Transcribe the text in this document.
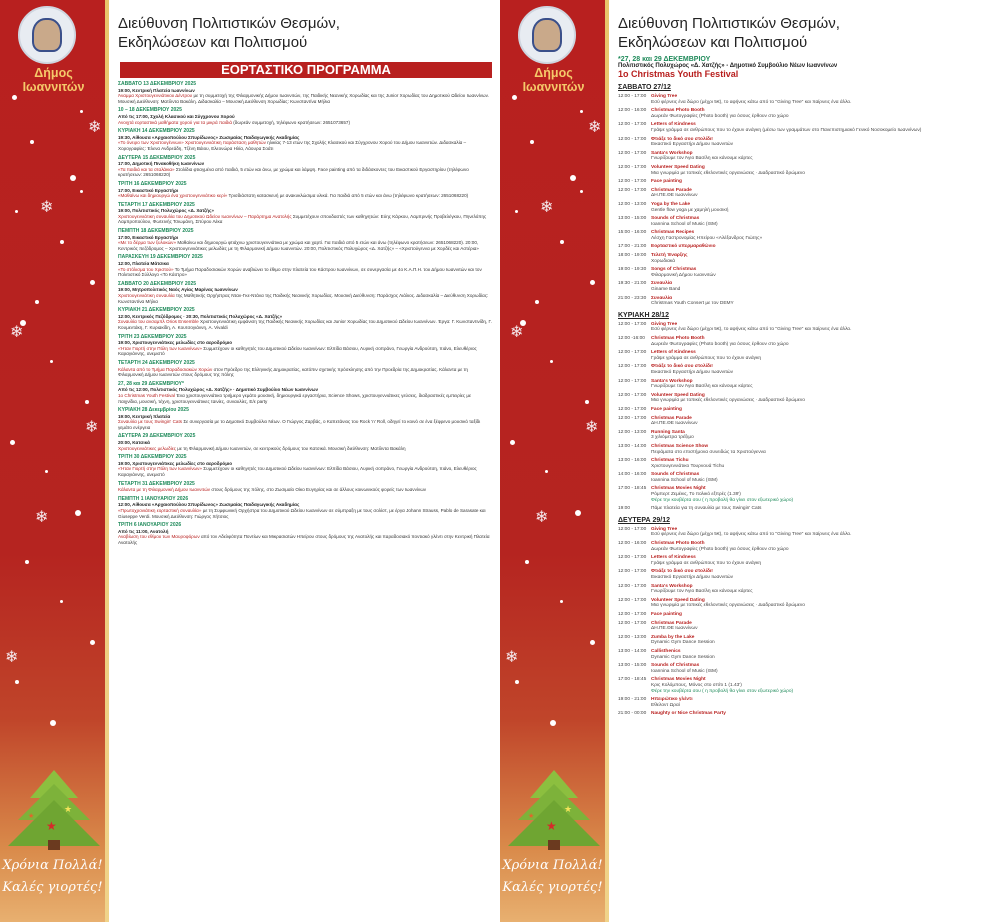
Δήμος Ιωαννιτών
★
★
★
Χρόνια Πολλά!
Καλές γιορτές!
Διεύθυνση Πολιτιστικών Θεσμών,
Εκδηλώσεων και Πολιτισμού
ΕΟΡΤΑΣΤΙΚΟ ΠΡΟΓΡΑΜΜΑ
ΣΑΒΒΑΤΟ 13 ΔΕΚΕΜΒΡΙΟΥ 2025
19:00, Κεντρική Πλατεία Ιωαννίνων
Άναμμα Χριστουγεννιάτικου Δέντρου με τη συμμετοχή της Φιλαρμονικής Δήμου Ιωαννιτών, της Παιδικής Νεανικής Χορωδίας και της Junior Χορωδίας του Δημοτικού Ωδείου Ιωαννίνων. Μουσική Διεύθυνση: Ματίλντα Βακάλη. Διδασκαλία – Μουσική Διεύθυνση Χορωδίας: Κωνσταντίνα Μήλια
10 – 18 ΔΕΚΕΜΒΡΙΟΥ 2025
Από τις 17:00, Σχολή Κλασικού και Σύγχρονου Χορού
Ανοιχτά εορταστικά μαθήματα χορού για τα μικρά παιδιά (δωρεάν συμμετοχή, τηλέφωνο κρατήσεων: 2651073657)
ΚΥΡΙΑΚΗ 14 ΔΕΚΕΜΒΡΙΟΥ 2025
19:30, Αίθουσα «Αρχαιοπούλου Σπυρίδωνος» Ζωσιμαίας Παιδαγωγικής Ακαδημίας
«Το όνειρο των Χριστουγέννων» Χριστουγεννιάτικη παράσταση μαθητών ηλικίας 7-13 ετών της Σχολής Κλασικού και Σύγχρονου Χορού του Δήμου Ιωαννιτών. Διδασκαλία – Χορογραφίες: Έλενα Ανδρεάδη, Τζένη Βάιου, Ελεονώρα Ηλία, Λάουρα Σοάτι
ΔΕΥΤΕΡΑ 15 ΔΕΚΕΜΒΡΙΟΥ 2025
17:00, Δημοτική Πινακοθήκη Ιωαννίνων
«Τα παιδιά και τα σταλάκια» Στολίδια φτιαγμένα από παιδιά, 5 ετών και άνω, με χρώμα και λάμψη. Face painting από τα διδάσκοντες του Εικαστικού Εργαστηρίου (τηλέφωνο κρατήσεων: 2651068220)
ΤΡΙΤΗ 16 ΔΕΚΕΜΒΡΙΟΥ 2025
17:00, Εικαστικό Εργαστήρι
«Μαθαίνω και δημιουργώ ένα χριστουγεννιάτικο κερί» Τρισδιάστατη κατασκευή με ανακυκλώσιμα υλικά. Για παιδιά από 5 ετών και άνω (τηλέφωνο κρατήσεων: 2651068220)
ΤΕΤΑΡΤΗ 17 ΔΕΚΕΜΒΡΙΟΥ 2025
19:00, Πολιτιστικός Πολυχώρος «Δ. Χατζής»
Χριστουγεννιάτικη συναυλία του Δημοτικού Ωδείου Ιωαννίνων – Παράρτημα Ανατολής Συμμετέχουν σπουδαστές των καθηγητών: Εύης Κάρκου, Λαμπρινής Προβελέγκου, Πηνελόπης Λαμπροπούλου, Φωτεινής Τσιωμάνη, Σπύρου Λέκα
ΠΕΜΠΤΗ 18 ΔΕΚΕΜΒΡΙΟΥ 2025
17:00, Εικαστικό Εργαστήρι
«Με το δέρμα των ξυλοκών» Μαθαίνω και δημιουργώ φτιάχνω χριστουγεννιάτικα με χρώμα και χαρτί. Για παιδιά από 5 ετών και άνω (τηλέφωνο κρατήσεων: 2651068220). 20:00, Κεντρικός πεζόδρομος – Χριστουγεννιάτικες μελωδίες με τη Φιλαρμονική Δήμου Ιωαννιτών. 20:00, Πολιτιστικός Πολυχώρος «Δ. Χατζής» – «Χριστούγεννα με Χορδές και Αστέρια»
ΠΑΡΑΣΚΕΥΗ 19 ΔΕΚΕΜΒΡΙΟΥ 2025
12:00, Πλατεία Μάτσικα
«Το στόλισμα του Χριστού» Το Τμήμα Παραδοσιακών Χορών αναβιώνει το έθιμο στην πλατεία του Κάστρου Ιωαννίνων, σε συνεργασία με 4ο Κ.Α.Π.Η. του Δήμου Ιωαννιτών και τον Πολιτιστικό Σύλλογο «Το Κάστρο»
ΣΑΒΒΑΤΟ 20 ΔΕΚΕΜΒΡΙΟΥ 2025
19:00, Μητροπολιτικός Ναός Αγίας Μαρίνας Ιωαννίνων
Χριστουγεννιάτικη συναυλία της Μαθητικής Ορχήστρας Νταν-Γκε-Ντάνα της Παιδικής Νεανικής Χορωδίας. Μουσική Διεύθυνση: Παράσχος Λιάλιος. Διδασκαλία – Διεύθυνση Χορωδίας: Κωνσταντίνα Μήλια
ΚΥΡΙΑΚΗ 21 ΔΕΚΕΜΒΡΙΟΥ 2025
12:00, Κεντρικός Πεζόδρομος · 20:30, Πολιτιστικός Πολυχώρος «Δ. Χατζής»
Συναυλία του ανσαμπλ Orios Ensemble Χριστουγεννιάτικη εμφάνιση της Παιδικής Νεανικής Χορωδίας και Junior Χορωδίας του Δημοτικού Ωδείου Ιωαννίνων. Έργα: Γ. Κωνσταντινίδη, Γ. Κουμεντάκη, Γ. Κυριακίδη, Α. Κουτσογιάννη, A. Vivaldi
ΤΡΙΤΗ 23 ΔΕΚΕΜΒΡΙΟΥ 2025
19:00, Χριστουγεννιάτικες μελωδίες στο αεροδρόμιο
«Ήταν Γιορτή στην Πόλη των Ιωαννίνων» Συμμετέχουν οι καθηγητές του Δημοτικού Ωδείου Ιωαννίνων: Ελπίδα Βάσιου, Λυρική σοπράνο, Γεωργία Ανδρούτση, πιάνο, Ελευθέριος Καραγιάννης, ανεμιστό
ΤΕΤΑΡΤΗ 24 ΔΕΚΕΜΒΡΙΟΥ 2025
Κάλαντα από το Τμήμα Παραδοσιακών Χορών στον Πρόεδρο της Ελληνικής Δημοκρατίας, κατόπιν σχετικής πρόσκλησης από την Προεδρία της Δημοκρατίας. Κάλαντα με τη Φιλαρμονική Δήμου Ιωαννιτών στους δρόμους της πόλης
27, 28 και 29 ΔΕΚΕΜΒΡΙΟΥ*
Από τις 12:00, Πολιτιστικός Πολυχώρος «Δ. Χατζής» · Δημοτικό Συμβούλιο Νέων Ιωαννίνων
1o Christmas Youth Festival Ένα χριστουγεννιάτικο τριήμερο γεμάτο μουσική, δημιουργικά εργαστήρια, Science Shows, χριστουγεννιάτικες γεύσεις, διαδραστικές εμπειρίες με παιχνίδια, μουσική, τέχνη, χριστουγεννιάτικες ταινίες, συναυλίες, Ε/ε party
ΚΥΡΙΑΚΗ 28 Δεκεμβρίου 2025
19:00, Κεντρική πλατεία
Συναυλία με τους Swingin' Cats Σε συνεργασία με το Δημοτικό Συμβούλιο Νέων. Ο Γιώργος Ζαρβάς, ο Καπετάνιος του Rock 'n' Roll, οδηγεί το κοινό σε ένα ξέφρενο μουσικό ταξίδι γεμάτο ενέργεια
ΔΕΥΤΕΡΑ 29 ΔΕΚΕΜΒΡΙΟΥ 2025
20:00, Κατσικά
Χριστουγεννιάτικες μελωδίες με τη Φιλαρμονική Δήμου Ιωαννιτών, σε κεντρικούς δρόμους του Κατσικά. Μουσική διεύθυνση: Ματίλντα Βακάλη
ΤΡΙΤΗ 30 ΔΕΚΕΜΒΡΙΟΥ 2025
19:00, Χριστουγεννιάτικες μελωδίες στο αεροδρόμιο
«Ήταν Γιορτή στην Πόλη των Ιωαννίνων» Συμμετέχουν οι καθηγητές του Δημοτικού Ωδείου Ιωαννίνων: Ελπίδα Βάσιου, Λυρική σοπράνο, Γεωργία Ανδρούτση, πιάνο, Ελευθέριος Καραγιάννης, ανεμιστό
ΤΕΤΑΡΤΗ 31 ΔΕΚΕΜΒΡΙΟΥ 2025
Κάλαντα με τη Φιλαρμονική Δήμου Ιωαννιτών στους δρόμους της πόλης, στο Ζωσιμαίο Οίκο Ευγηρίας και σε άλλους κοινωνικούς φορείς των Ιωαννίνων
ΠΕΜΠΤΗ 1 ΙΑΝΟΥΑΡΙΟΥ 2026
12:00, Αίθουσα «Αρχαιοπούλου Σπυρίδωνος» Ζωσιμαίας Παιδαγωγικής Ακαδημίας
«Πρωτοχρονιάτικη εορταστική συναυλία» με τη Συμφωνική Ορχήστρα του Δημοτικού Ωδείου Ιωαννίνων σε σύμπραξη με τους σολίστ, με έργα Johann Strauss, Pablo de Sarasate και Giuseppe Verdi. Μουσική Διεύθυνση: Γιώργος Χήτσιος
ΤΡΙΤΗ 6 ΙΑΝΟΥΑΡΙΟΥ 2026
Από τις 11:00, Ανατολή
Αναβίωση του εθίμου των Μαυροφόρων από τον Αδελφότητα Ποντίων και Μικρασιατών Ηπείρου στους δρόμους της Ανατολής και παραδοσιακό ποντιακό γλέντι στην Κεντρική Πλατεία Ανατολής
❄
❄
❄
❄
❄
❄
Δήμος Ιωαννιτών
★
★
★
Χρόνια Πολλά!
Καλές γιορτές!
Διεύθυνση Πολιτιστικών Θεσμών,
Εκδηλώσεων και Πολιτισμού
*27, 28 και 29 ΔΕΚΕΜΒΡΙΟΥ
Πολιτιστικός Πολυχώρος «Δ. Χατζής» - Δημοτικό Συμβούλιο Νέων Ιωαννίνων
1o Christmas Youth Festival
ΣΑΒΒΑΤΟ 27/12
12:00 - 17:00 Giving Tree
Εσύ φέρνεις ένα δώρο (μέχρι 5€), το αφήνεις κάτω από το "Giving Tree" και παίρνεις ένα άλλο.
12:00 - 16:00 Christmas Photo Booth
Δωρεάν Φωτογραφίες (Photo booth) για όσους έρθουν στο χώρο
12:00 - 17:00 Letters of Kindness
Γράψε γράμμα σε ανθρώπους που το έχουν ανάγκη (μέσω των γραμμάτων στο Πανεπιστημιακό Γενικό Νοσοκομείο Ιωαννίνων)
12:00 - 17:00 Φτιάξε το δικό σου στολίδι!
Εικαστικό Εργαστήρι Δήμου Ιωαννιτών
12:00 - 17:00 Santa's Workshop
Γνωρίζουμε τον Άγιο Βασίλη και κάνουμε κάρτες
12:00 - 17:00 Volunteer Speed Dating
Μια γνωριμία με τοπικές εθελοντικές οργανώσεις · Διαδραστικό δρώμενο
12:00 - 17:00 Face painting
12:00 - 17:00 Christmas Parade
ΔΗ.ΠΕ.ΘΕ Ιωαννίνων
12:00 - 13:00 Yoga by the Lake
Gentle flow yoga με χαμηλή μουσική
13:00 - 15:00 Sounds of Christmas
Ioannina School of Music (ISM)
15:00 - 16:00 Christmas Recipes
Λέσχη Γαστρονομίας Ηπείρου «Αλέξανδρος Γιώτης»
17:00 - 21:00 Εορταστικό υπερμαραθώνιο
18:00 - 19:00 Τελετή Έναρξης
Χορωδιακά
19:00 - 19:30 Songs of Christmas
Φιλαρμονική Δήμου Ιωαννιτών
19:30 - 21:00 Συναυλία
Giname Band
21:00 - 23:30 Συναυλία
Christmas Youth Consert με τον DEMY
ΚΥΡΙΑΚΗ 28/12
12:00 - 17:00 Giving Tree
Εσύ φέρνεις ένα δώρο (μέχρι 5€), το αφήνεις κάτω από το "Giving Tree" και παίρνεις ένα άλλο.
12:00 -16:00	Christmas Photo Booth
Δωρεάν Φωτογραφίες (Photo booth) για όσους έρθουν στο χώρο
12:00 - 17:00 Letters of Kindness
Γράψε γράμμα σε ανθρώπους που το έχουν ανάγκη
12:00 - 17:00 Φτιάξε το δικό σου στολίδι!
Εικαστικό Εργαστήρι Δήμου Ιωαννιτών
12:00 - 17:00 Santa's Workshop
Γνωρίζουμε τον Άγιο Βασίλη και κάνουμε κάρτες
12:00 - 17:00 Volunteer Speed Dating
Μια γνωριμία με τοπικές εθελοντικές οργανώσεις · Διαδραστικό δρώμενο
12:00 - 17:00 Face painting
12:00 - 17:00 Christmas Parade
ΔΗ.ΠΕ.ΘΕ Ιωαννίνων
12:00 - 13:00 Running Santa
3 χιλιόμετρα τρέξιμο
13:00 - 14:00 Christmas Science Show
Πειράματα στο επιστήμονα συνειδώς τα Χριστούγεννα
13:00 - 16:00 Christmas Tichu
Χριστουγεννιάτικο Τουρνουά Tichu
14:00 - 16:00 Sounds of Christmas
Ioannina School of Music (ISM)
17:00 - 18:45 Christmas Movies Night
Ρόμπερτ Ζεμέκις, Το πολικό εξπρές (1.39')
Φέρε την κουβέρτα σου ( η προβολή θα γίνει στον εξωτερικό χώρο)
19:00	Πάμε πλατεία για τη συναυλία με τους Swingin' Cats
ΔΕΥΤΕΡΑ 29/12
12:00 - 17:00 Giving Tree
Εσύ φέρνεις ένα δώρο (μέχρι 5€), το αφήνεις κάτω από το "Giving Tree" και παίρνεις ένα άλλο.
12:00 - 16:00 Christmas Photo Booth
Δωρεάν Φωτογραφίες (Photo booth) για όσους έρθουν στο χώρο
12:00 - 17:00 Letters of Kindness
Γράψε γράμμα σε ανθρώπους που το έχουν ανάγκη
12:00 - 17:00 Φτιάξε το δικό σου στολίδι!
Εικαστικό Εργαστήρι Δήμου Ιωαννιτών
12:00 - 17:00 Santa's Workshop
Γνωρίζουμε τον Άγιο Βασίλη και κάνουμε κάρτες
12:00 - 17:00 Volunteer Speed Dating
Μια γνωριμία με τοπικές εθελοντικές οργανώσεις · Διαδραστικό δρώμενο
12:00 - 17:00 Face painting
12:00 - 17:00 Christmas Parade
ΔΗ.ΠΕ.ΘΕ Ιωαννίνων
12:00 - 13:00 Zumba by the Lake
Dynamic Gym Dance Session
13:00 - 14:00 Callisthenics
Dynamic Gym Dance Session
13:00 - 15:00 Sounds of Christmas
Ioannina School of Music (ISM)
17:00 - 18:45 Christmas Movies Night
Κρις Κολόμπους, Μόνος στο σπίτι 1 (1.43')
Φέρε την κουβέρτα σου ( η προβολή θα γίνει στον εξωτερικό χώρο)
19:00 - 21:00 Ηπειρώτικο γλέντι
Εθελοντ Ωραί
21:00 - 00:00 Naughty or Nice Christmas Party
❄
❄
❄
❄
❄
❄
